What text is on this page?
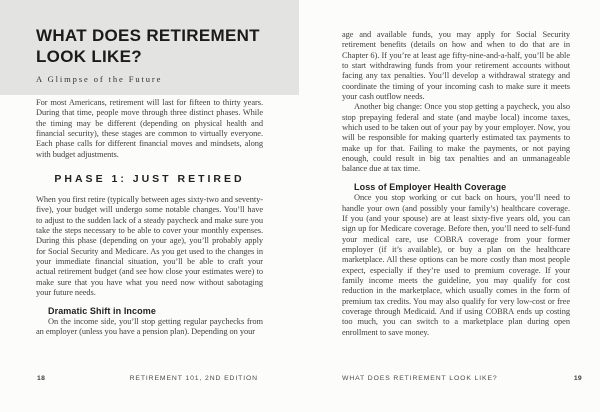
WHAT DOES RETIREMENT LOOK LIKE?
A Glimpse of the Future

For most Americans, retirement will last for fifteen to thirty years. During that time, people move through three distinct phases. While the timing may be different (depending on physical health and financial security), these stages are common to virtually everyone. Each phase calls for different financial moves and mindsets, along with budget adjustments.

PHASE 1: JUST RETIRED

When you first retire (typically between ages sixty-two and seventy-five), your budget will undergo some notable changes. You’ll have to adjust to the sudden lack of a steady paycheck and make sure you take the steps necessary to be able to cover your monthly expenses. During this phase (depending on your age), you’ll probably apply for Social Security and Medicare. As you get used to the changes in your immediate financial situation, you’ll be able to craft your actual retirement budget (and see how close your estimates were) to make sure that you have what you need now without sabotaging your future needs.

Dramatic Shift in Income

On the income side, you’ll stop getting regular paychecks from an employer (unless you have a pension plan). Depending on your

18	RETIREMENT 101, 2ND EDITION

age and available funds, you may apply for Social Security retirement benefits (details on how and when to do that are in Chapter 6). If you’re at least age fifty-nine-and-a-half, you’ll be able to start withdrawing funds from your retirement accounts without facing any tax penalties. You’ll develop a withdrawal strategy and coordinate the timing of your incoming cash to make sure it meets your cash outflow needs.

Another big change: Once you stop getting a paycheck, you also stop prepaying federal and state (and maybe local) income taxes, which used to be taken out of your pay by your employer. Now, you will be responsible for making quarterly estimated tax payments to make up for that. Failing to make the payments, or not paying enough, could result in big tax penalties and an unmanageable balance due at tax time.

Loss of Employer Health Coverage

Once you stop working or cut back on hours, you’ll need to handle your own (and possibly your family’s) healthcare coverage. If you (and your spouse) are at least sixty-five years old, you can sign up for Medicare coverage. Before then, you’ll need to self-fund your medical care, use COBRA coverage from your former employer (if it’s available), or buy a plan on the healthcare marketplace. All these options can be more costly than most people expect, especially if they’re used to premium coverage. If your family income meets the guideline, you may qualify for cost reduction in the marketplace, which usually comes in the form of premium tax credits. You may also qualify for very low-cost or free coverage through Medicaid. And if using COBRA ends up costing too much, you can switch to a marketplace plan during open enrollment to save money.

WHAT DOES RETIREMENT LOOK LIKE?	19
